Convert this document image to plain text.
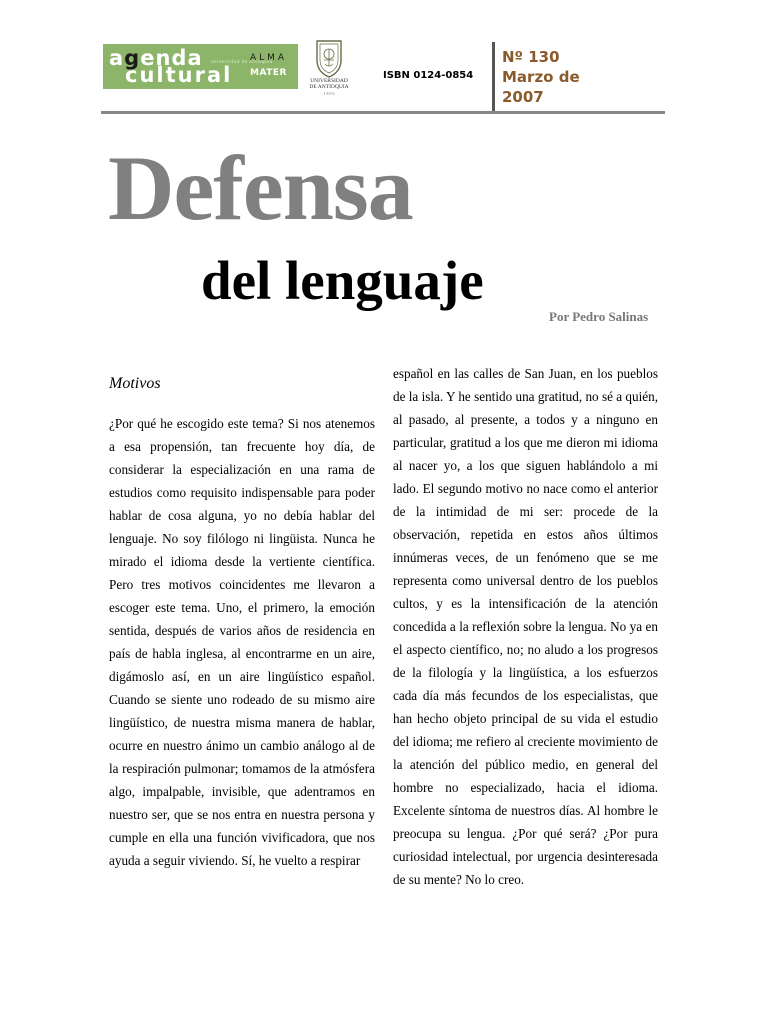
agenda universidad de antioquia
cultural
ALMA
MATER
UNIVERSIDAD
DE ANTIOQUIA
1 8 0 3
ISBN 0124-0854
Nº 130
Marzo de
2007
Defensa
del lenguaje
Por Pedro Salinas
Motivos
¿Por qué he escogido este tema? Si nos atenemos a esa propensión, tan frecuente hoy día, de considerar la especialización en una rama de estudios como requisito indispensable para poder hablar de cosa alguna, yo no debía hablar del lenguaje. No soy filólogo ni lingüista. Nunca he mirado el idioma desde la vertiente científica. Pero tres motivos coincidentes me llevaron a escoger este tema. Uno, el primero, la emoción sentida, después de varios años de residencia en país de habla inglesa, al encontrarme en un aire, digámoslo así, en un aire lingüístico español. Cuando se siente uno rodeado de su mismo aire lingüístico, de nuestra misma manera de hablar, ocurre en nuestro ánimo un cambio análogo al de la respiración pulmonar; tomamos de la atmósfera algo, impalpable, invisible, que adentramos en nuestro ser, que se nos entra en nuestra persona y cumple en ella una función vivificadora, que nos ayuda a seguir viviendo. Sí, he vuelto a respirar
español en las calles de San Juan, en los pueblos de la isla. Y he sentido una gratitud, no sé a quién, al pasado, al presente, a todos y a ninguno en particular, gratitud a los que me dieron mi idioma al nacer yo, a los que siguen hablándolo a mi lado. El segundo motivo no nace como el anterior de la intimidad de mi ser: procede de la observación, repetida en estos años últimos innúmeras veces, de un fenómeno que se me representa como universal dentro de los pueblos cultos, y es la intensificación de la atención concedida a la reflexión sobre la lengua. No ya en el aspecto científico, no; no aludo a los progresos de la filología y la lingüística, a los esfuerzos cada día más fecundos de los especialistas, que han hecho objeto principal de su vida el estudio del idioma; me refiero al creciente movimiento de la atención del público medio, en general del hombre no especializado, hacia el idioma. Excelente síntoma de nuestros días. Al hombre le preocupa su lengua. ¿Por qué será? ¿Por pura curiosidad intelectual, por urgencia desinteresada de su mente? No lo creo.
